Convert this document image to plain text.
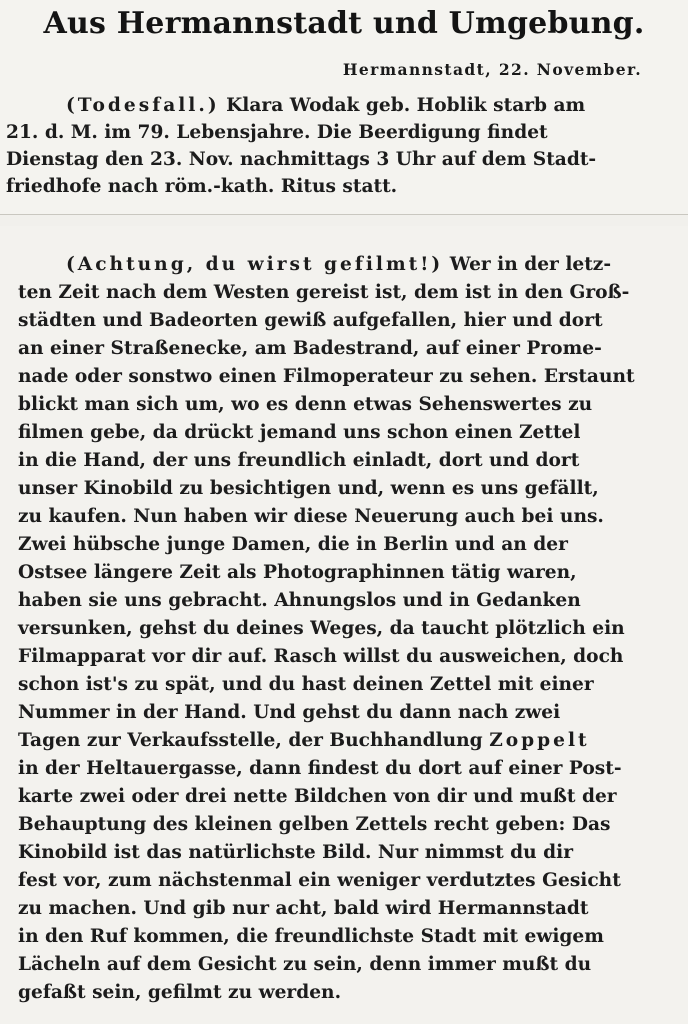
Aus Hermannstadt und Umgebung.
Hermannstadt, 22. November.
(Todesfall.) Klara Wodak geb. Hoblik starb am
21. d. M. im 79. Lebensjahre. Die Beerdigung findet
Dienstag den 23. Nov. nachmittags 3 Uhr auf dem Stadt-
friedhofe nach röm.-kath. Ritus statt.
(Achtung, du wirst gefilmt!) Wer in der letz-
ten Zeit nach dem Westen gereist ist, dem ist in den Groß-
städten und Badeorten gewiß aufgefallen, hier und dort
an einer Straßenecke, am Badestrand, auf einer Prome-
nade oder sonstwo einen Filmoperateur zu sehen. Erstaunt
blickt man sich um, wo es denn etwas Sehenswertes zu
filmen gebe, da drückt jemand uns schon einen Zettel
in die Hand, der uns freundlich einladt, dort und dort
unser Kinobild zu besichtigen und, wenn es uns gefällt,
zu kaufen. Nun haben wir diese Neuerung auch bei uns.
Zwei hübsche junge Damen, die in Berlin und an der
Ostsee längere Zeit als Photographinnen tätig waren,
haben sie uns gebracht. Ahnungslos und in Gedanken
versunken, gehst du deines Weges, da taucht plötzlich ein
Filmapparat vor dir auf. Rasch willst du ausweichen, doch
schon ist's zu spät, und du hast deinen Zettel mit einer
Nummer in der Hand. Und gehst du dann nach zwei
Tagen zur Verkaufsstelle, der Buchhandlung Zoppelt
in der Heltauergasse, dann findest du dort auf einer Post-
karte zwei oder drei nette Bildchen von dir und mußt der
Behauptung des kleinen gelben Zettels recht geben: Das
Kinobild ist das natürlichste Bild. Nur nimmst du dir
fest vor, zum nächstenmal ein weniger verdutztes Gesicht
zu machen. Und gib nur acht, bald wird Hermannstadt
in den Ruf kommen, die freundlichste Stadt mit ewigem
Lächeln auf dem Gesicht zu sein, denn immer mußt du
gefaßt sein, gefilmt zu werden.
